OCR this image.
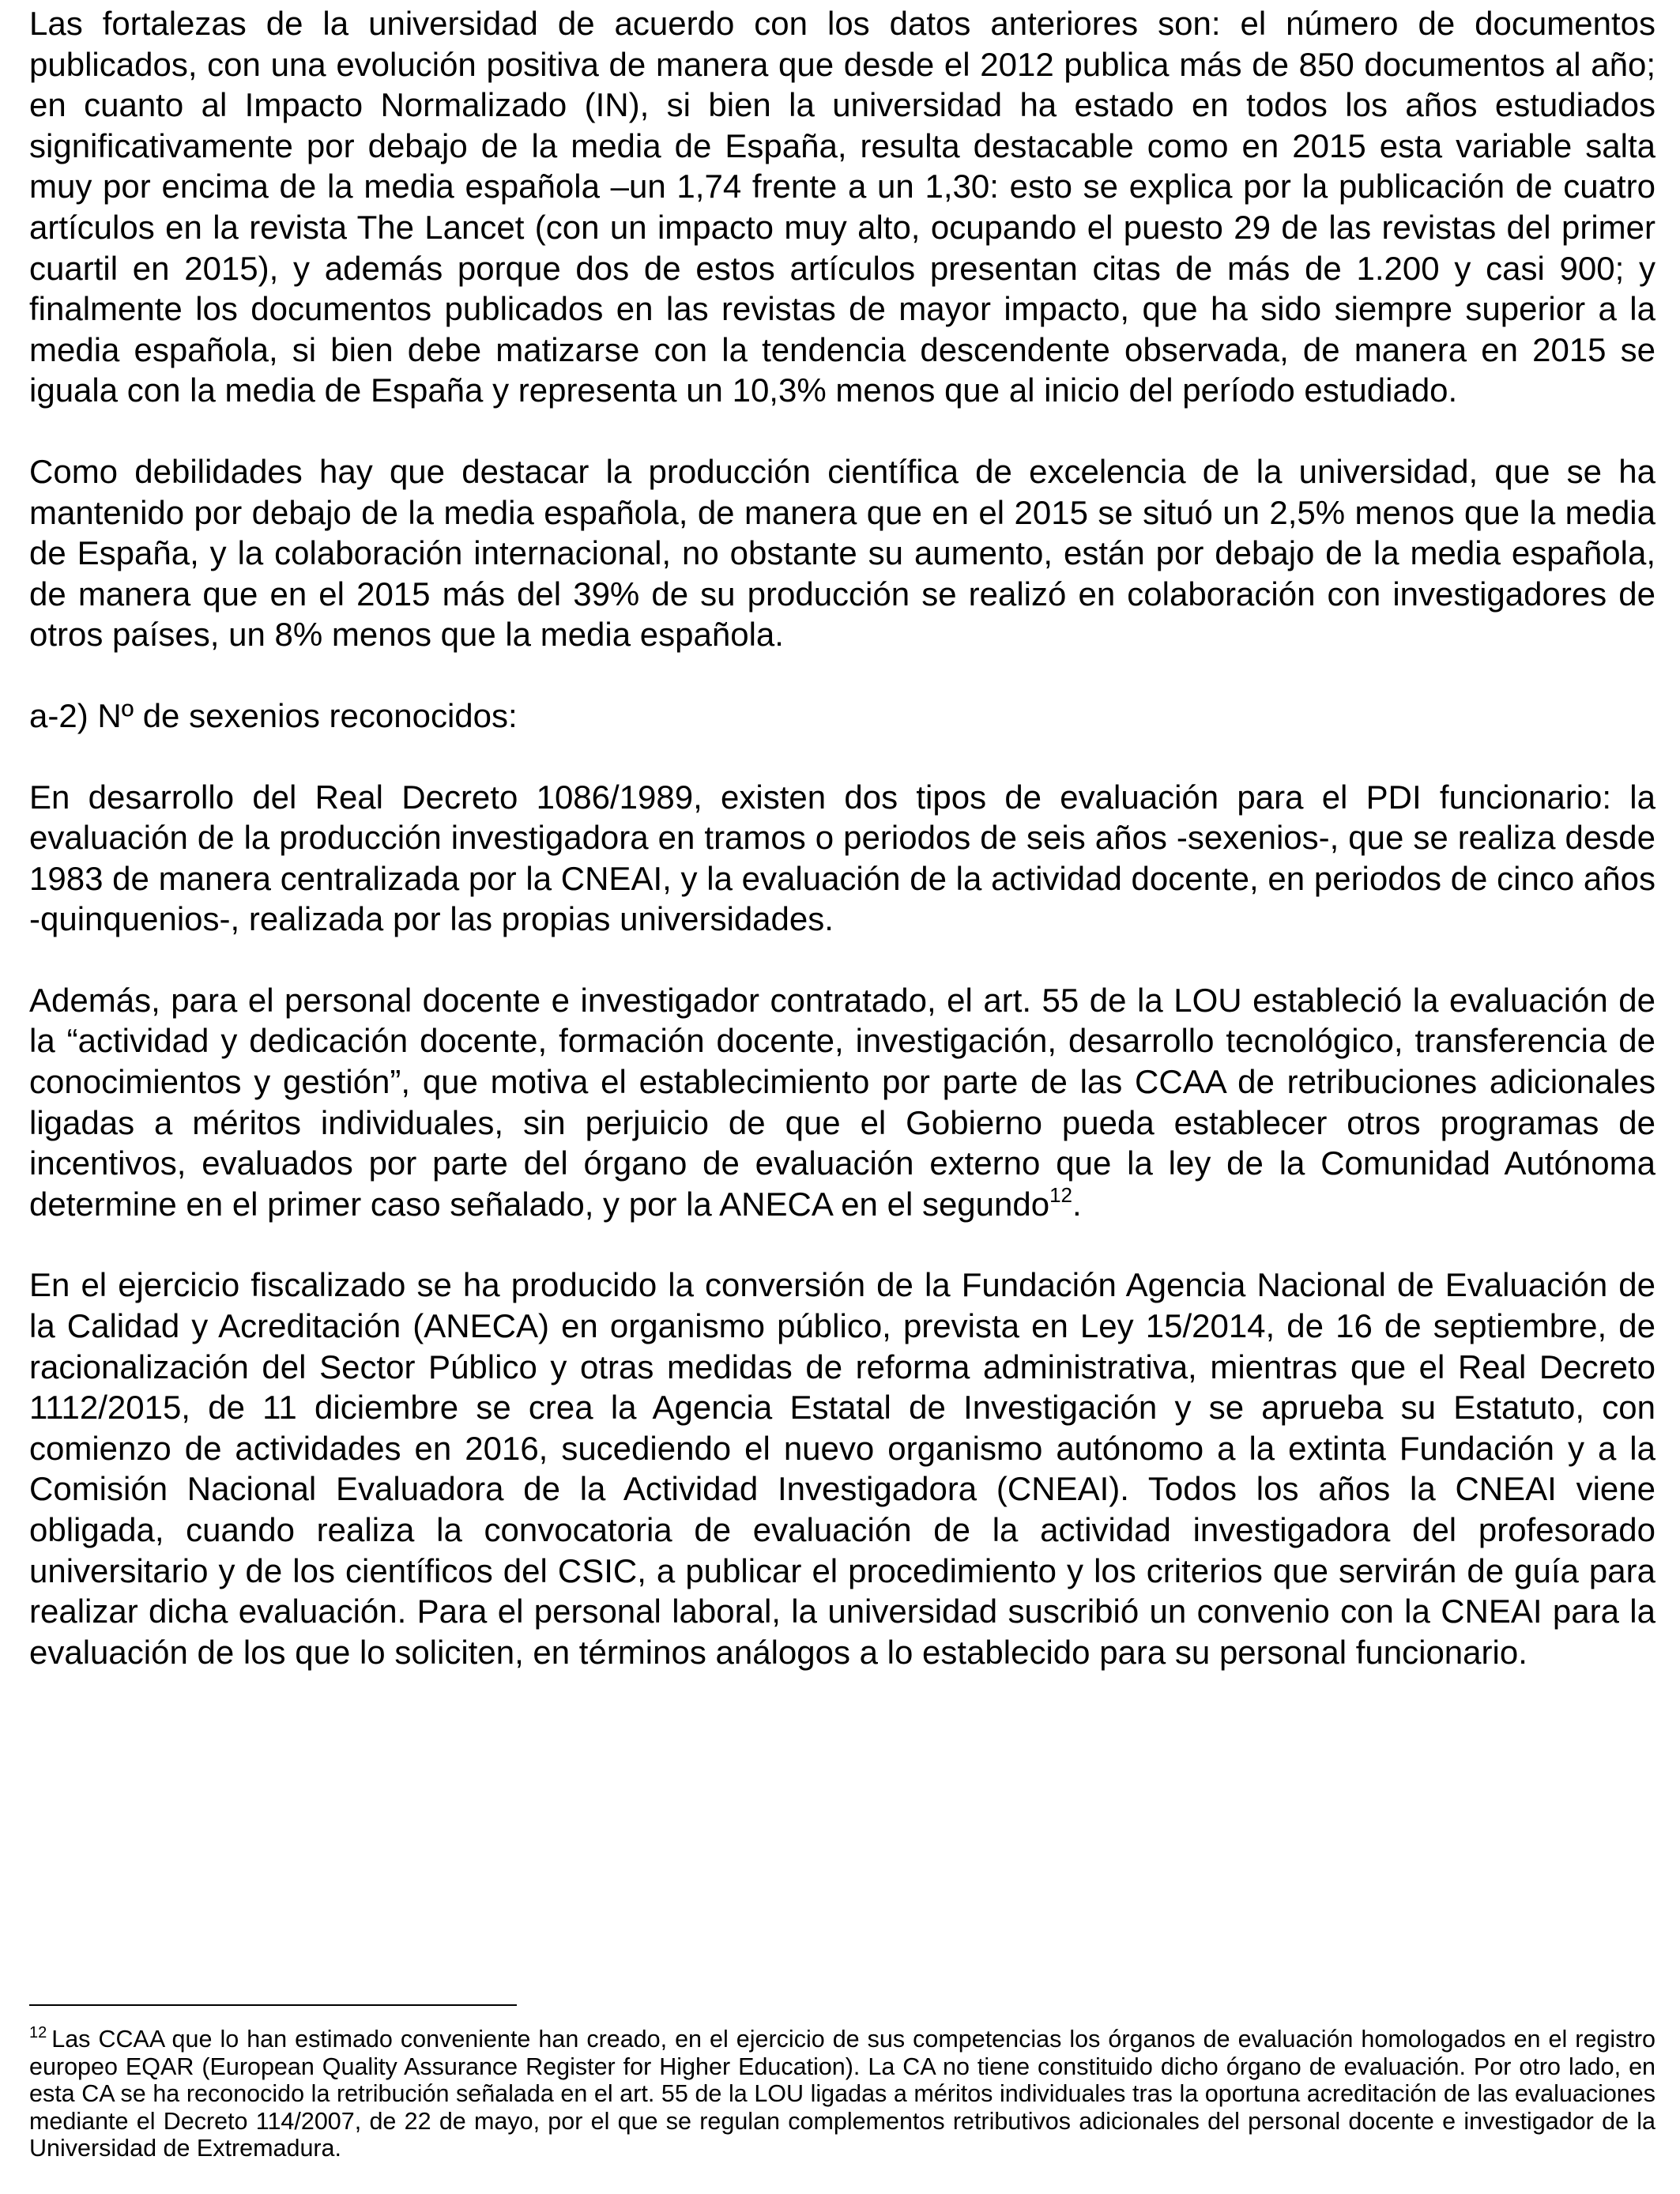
Las fortalezas de la universidad de acuerdo con los datos anteriores son: el número de documentos publicados, con una evolución positiva de manera que desde el 2012 publica más de 850 documentos al año; en cuanto al Impacto Normalizado (IN), si bien la universidad ha estado en todos los años estudiados significativamente por debajo de la media de España, resulta destacable como en 2015 esta variable salta muy por encima de la media española –un 1,74 frente a un 1,30: esto se explica por la publicación de cuatro artículos en la revista The Lancet (con un impacto muy alto, ocupando el puesto 29 de las revistas del primer cuartil en 2015), y además porque dos de estos artículos presentan citas de más de 1.200 y casi 900; y finalmente los documentos publicados en las revistas de mayor impacto, que ha sido siempre superior a la media española, si bien debe matizarse con la tendencia descendente observada, de manera en 2015 se iguala con la media de España y representa un 10,3% menos que al inicio del período estudiado.

Como debilidades hay que destacar la producción científica de excelencia de la universidad, que se ha mantenido por debajo de la media española, de manera que en el 2015 se situó un 2,5% menos que la media de España, y la colaboración internacional, no obstante su aumento, están por debajo de la media española, de manera que en el 2015 más del 39% de su producción se realizó en colaboración con investigadores de otros países, un 8% menos que la media española.

a-2) Nº de sexenios reconocidos:

En desarrollo del Real Decreto 1086/1989, existen dos tipos de evaluación para el PDI funcionario: la evaluación de la producción investigadora en tramos o periodos de seis años -sexenios-, que se realiza desde 1983 de manera centralizada por la CNEAI, y la evaluación de la actividad docente, en periodos de cinco años -quinquenios-, realizada por las propias universidades.

Además, para el personal docente e investigador contratado, el art. 55 de la LOU estableció la evaluación de la “actividad y dedicación docente, formación docente, investigación, desarrollo tecnológico, transferencia de conocimientos y gestión”, que motiva el establecimiento por parte de las CCAA de retribuciones adicionales ligadas a méritos individuales, sin perjuicio de que el Gobierno pueda establecer otros programas de incentivos, evaluados por parte del órgano de evaluación externo que la ley de la Comunidad Autónoma determine en el primer caso señalado, y por la ANECA en el segundo$^{12}$.

En el ejercicio fiscalizado se ha producido la conversión de la Fundación Agencia Nacional de Evaluación de la Calidad y Acreditación (ANECA) en organismo público, prevista en Ley 15/2014, de 16 de septiembre, de racionalización del Sector Público y otras medidas de reforma administrativa, mientras que el Real Decreto 1112/2015, de 11 diciembre se crea la Agencia Estatal de Investigación y se aprueba su Estatuto, con comienzo de actividades en 2016, sucediendo el nuevo organismo autónomo a la extinta Fundación y a la Comisión Nacional Evaluadora de la Actividad Investigadora (CNEAI). Todos los años la CNEAI viene obligada, cuando realiza la convocatoria de evaluación de la actividad investigadora del profesorado universitario y de los científicos del CSIC, a publicar el procedimiento y los criterios que servirán de guía para realizar dicha evaluación. Para el personal laboral, la universidad suscribió un convenio con la CNEAI para la evaluación de los que lo soliciten, en términos análogos a lo establecido para su personal funcionario.

$^{12}$ Las CCAA que lo han estimado conveniente han creado, en el ejercicio de sus competencias los órganos de evaluación homologados en el registro europeo EQAR (European Quality Assurance Register for Higher Education). La CA no tiene constituido dicho órgano de evaluación. Por otro lado, en esta CA se ha reconocido la retribución señalada en el art. 55 de la LOU ligadas a méritos individuales tras la oportuna acreditación de las evaluaciones mediante el Decreto 114/2007, de 22 de mayo, por el que se regulan complementos retributivos adicionales del personal docente e investigador de la Universidad de Extremadura.
